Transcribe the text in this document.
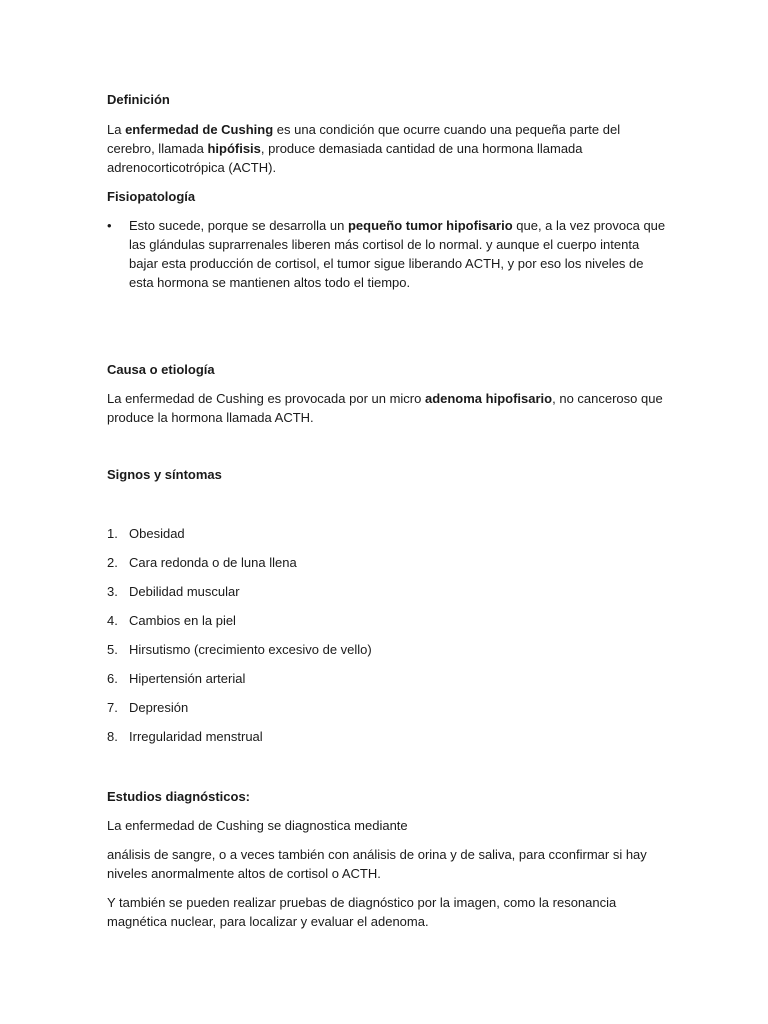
Definición

La enfermedad de Cushing es una condición que ocurre cuando una pequeña parte del cerebro, llamada hipófisis, produce demasiada cantidad de una hormona llamada adrenocorticotrópica (ACTH).

Fisiopatología

•	Esto sucede, porque se desarrolla un pequeño tumor hipofisario que, a la vez provoca que las glándulas suprarrenales liberen más cortisol de lo normal. y aunque el cuerpo intenta bajar esta producción de cortisol, el tumor sigue liberando ACTH, y por eso los niveles de esta hormona se mantienen altos todo el tiempo.

Causa o etiología

La enfermedad de Cushing es provocada por un micro adenoma hipofisario, no canceroso que produce la hormona llamada ACTH.

Signos y síntomas

1. Obesidad
2. Cara redonda o de luna llena
3. Debilidad muscular
4. Cambios en la piel
5. Hirsutismo (crecimiento excesivo de vello)
6. Hipertensión arterial
7. Depresión
8. Irregularidad menstrual

Estudios diagnósticos:

La enfermedad de Cushing se diagnostica mediante

análisis de sangre, o a veces también con análisis de orina y de saliva, para cconfirmar si hay niveles anormalmente altos de cortisol o ACTH.

Y también se pueden realizar pruebas de diagnóstico por la imagen, como la resonancia magnética nuclear, para localizar y evaluar el adenoma.
